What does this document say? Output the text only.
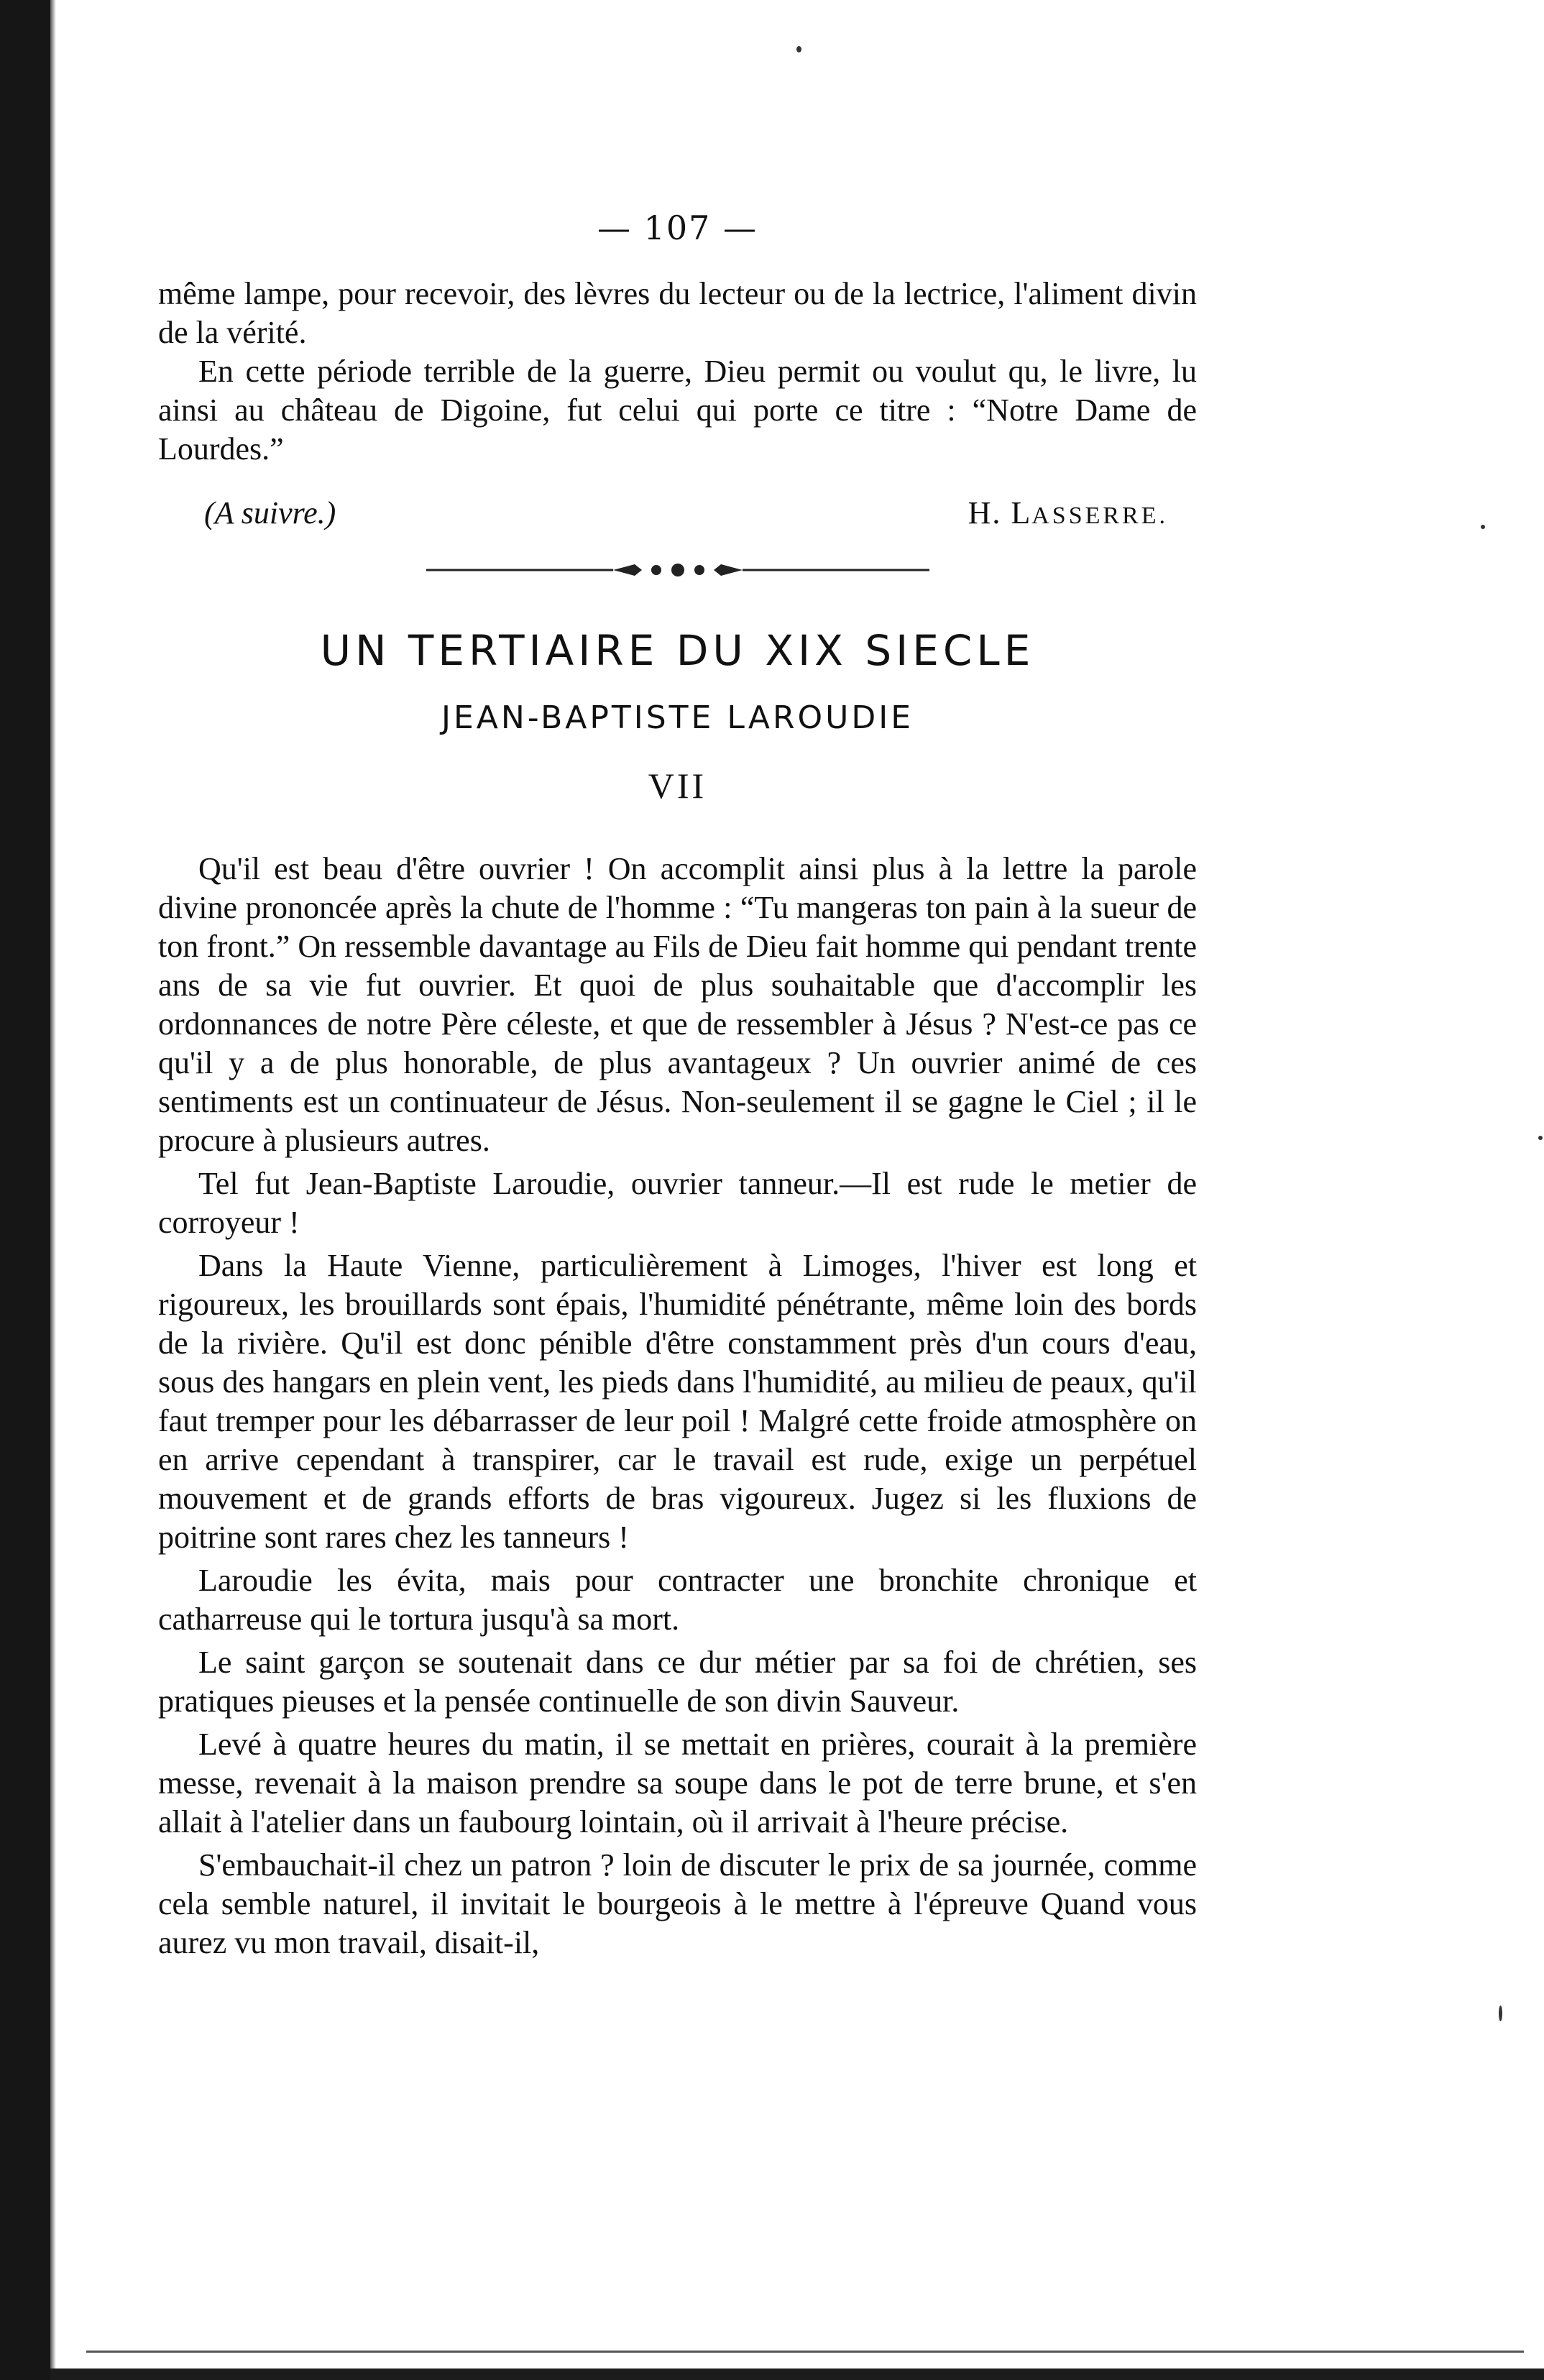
— 107 —

même lampe, pour recevoir, des lèvres du lecteur ou de la lectrice, l'aliment divin de la vérité.

En cette période terrible de la guerre, Dieu permit ou voulut qu, le livre, lu ainsi au château de Digoine, fut celui qui porte ce titre : “Notre Dame de Lourdes.”

(A suivre.)	H. LASSERRE.
UN TERTIAIRE DU XIX SIECLE
JEAN-BAPTISTE LAROUDIE
VII

Qu'il est beau d'être ouvrier ! On accomplit ainsi plus à la lettre la parole divine prononcée après la chute de l'homme : “Tu mangeras ton pain à la sueur de ton front.” On ressemble davantage au Fils de Dieu fait homme qui pendant trente ans de sa vie fut ouvrier. Et quoi de plus souhaitable que d'accomplir les ordonnances de notre Père céleste, et que de ressembler à Jésus ? N'est-ce pas ce qu'il y a de plus honorable, de plus avantageux ? Un ouvrier animé de ces sentiments est un continuateur de Jésus. Non-seulement il se gagne le Ciel ; il le procure à plusieurs autres.

Tel fut Jean-Baptiste Laroudie, ouvrier tanneur.—Il est rude le metier de corroyeur !

Dans la Haute Vienne, particulièrement à Limoges, l'hiver est long et rigoureux, les brouillards sont épais, l'humidité pénétrante, même loin des bords de la rivière. Qu'il est donc pénible d'être constamment près d'un cours d'eau, sous des hangars en plein vent, les pieds dans l'humidité, au milieu de peaux, qu'il faut tremper pour les débarrasser de leur poil ! Malgré cette froide atmosphère on en arrive cependant à transpirer, car le travail est rude, exige un perpétuel mouvement et de grands efforts de bras vigoureux. Jugez si les fluxions de poitrine sont rares chez les tanneurs !

Laroudie les évita, mais pour contracter une bronchite chronique et catharreuse qui le tortura jusqu'à sa mort.

Le saint garçon se soutenait dans ce dur métier par sa foi de chrétien, ses pratiques pieuses et la pensée continuelle de son divin Sauveur.

Levé à quatre heures du matin, il se mettait en prières, courait à la première messe, revenait à la maison prendre sa soupe dans le pot de terre brune, et s'en allait à l'atelier dans un faubourg lointain, où il arrivait à l'heure précise.

S'embauchait-il chez un patron ? loin de discuter le prix de sa journée, comme cela semble naturel, il invitait le bourgeois à le mettre à l'épreuve Quand vous aurez vu mon travail, disait-il,
